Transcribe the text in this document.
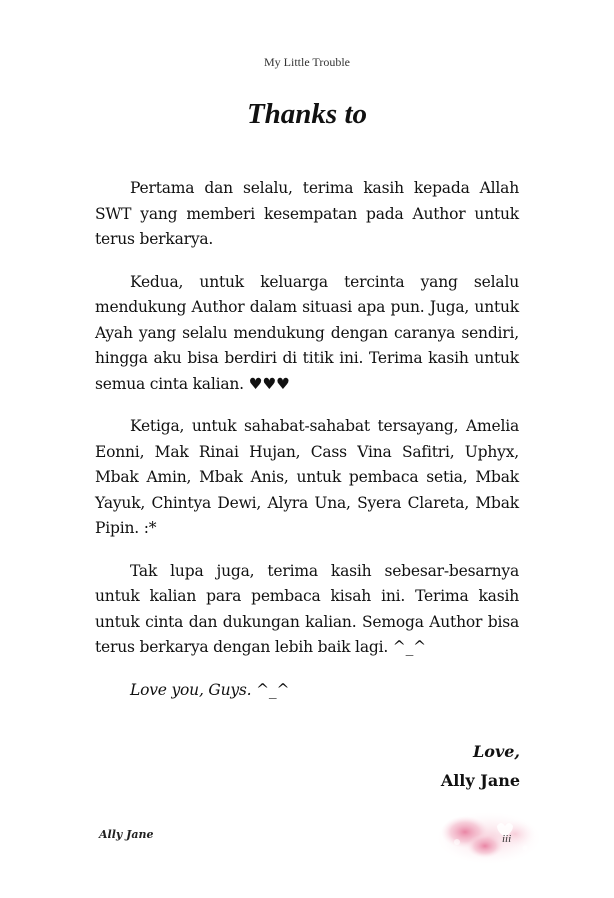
My Little Trouble
Thanks to

Pertama dan selalu, terima kasih kepada Allah SWT yang memberi kesempatan pada Author untuk terus berkarya.

Kedua, untuk keluarga tercinta yang selalu mendukung Author dalam situasi apa pun. Juga, untuk Ayah yang selalu mendukung dengan caranya sendiri, hingga aku bisa berdiri di titik ini. Terima kasih untuk semua cinta kalian. ♥♥♥

Ketiga, untuk sahabat-sahabat tersayang, Amelia Eonni, Mak Rinai Hujan, Cass Vina Safitri, Uphyx, Mbak Amin, Mbak Anis, untuk pembaca setia, Mbak Yayuk, Chintya Dewi, Alyra Una, Syera Clareta, Mbak Pipin. :*

Tak lupa juga, terima kasih sebesar-besarnya untuk kalian para pembaca kisah ini. Terima kasih untuk cinta dan dukungan kalian. Semoga Author bisa terus berkarya dengan lebih baik lagi. ^_^

Love you, Guys. ^_^

Love,
Ally Jane
Ally Jane	iii
